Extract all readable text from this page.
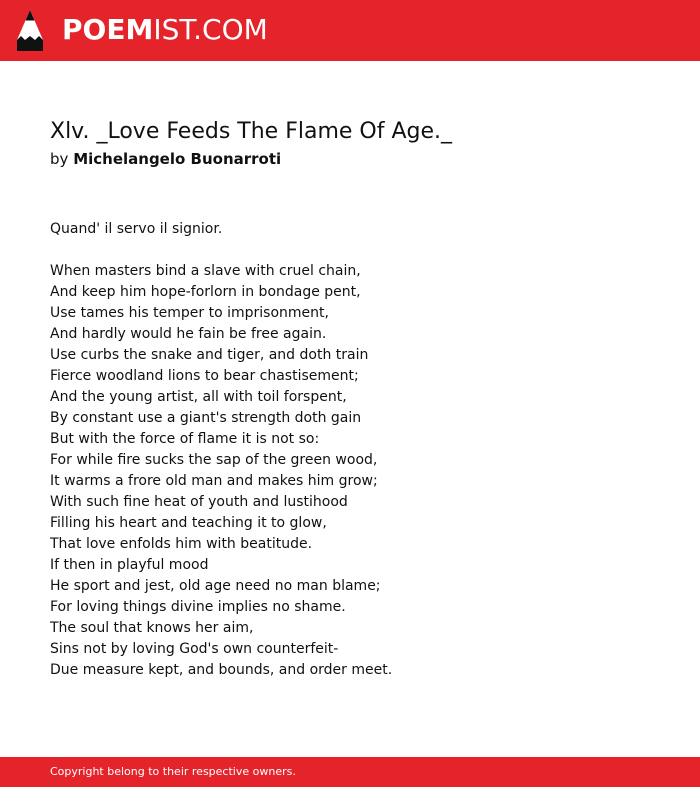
POEMIST.COM
Xlv. _Love Feeds The Flame Of Age._
by Michelangelo Buonarroti
Quand' il servo il signior.
When masters bind a slave with cruel chain,
And keep him hope-forlorn in bondage pent,
Use tames his temper to imprisonment,
And hardly would he fain be free again.
Use curbs the snake and tiger, and doth train
Fierce woodland lions to bear chastisement;
And the young artist, all with toil forspent,
By constant use a giant's strength doth gain
But with the force of flame it is not so:
For while fire sucks the sap of the green wood,
It warms a frore old man and makes him grow;
With such fine heat of youth and lustihood
Filling his heart and teaching it to glow,
That love enfolds him with beatitude.
If then in playful mood
He sport and jest, old age need no man blame;
For loving things divine implies no shame.
The soul that knows her aim,
Sins not by loving God's own counterfeit-
Due measure kept, and bounds, and order meet.
Copyright belong to their respective owners.
